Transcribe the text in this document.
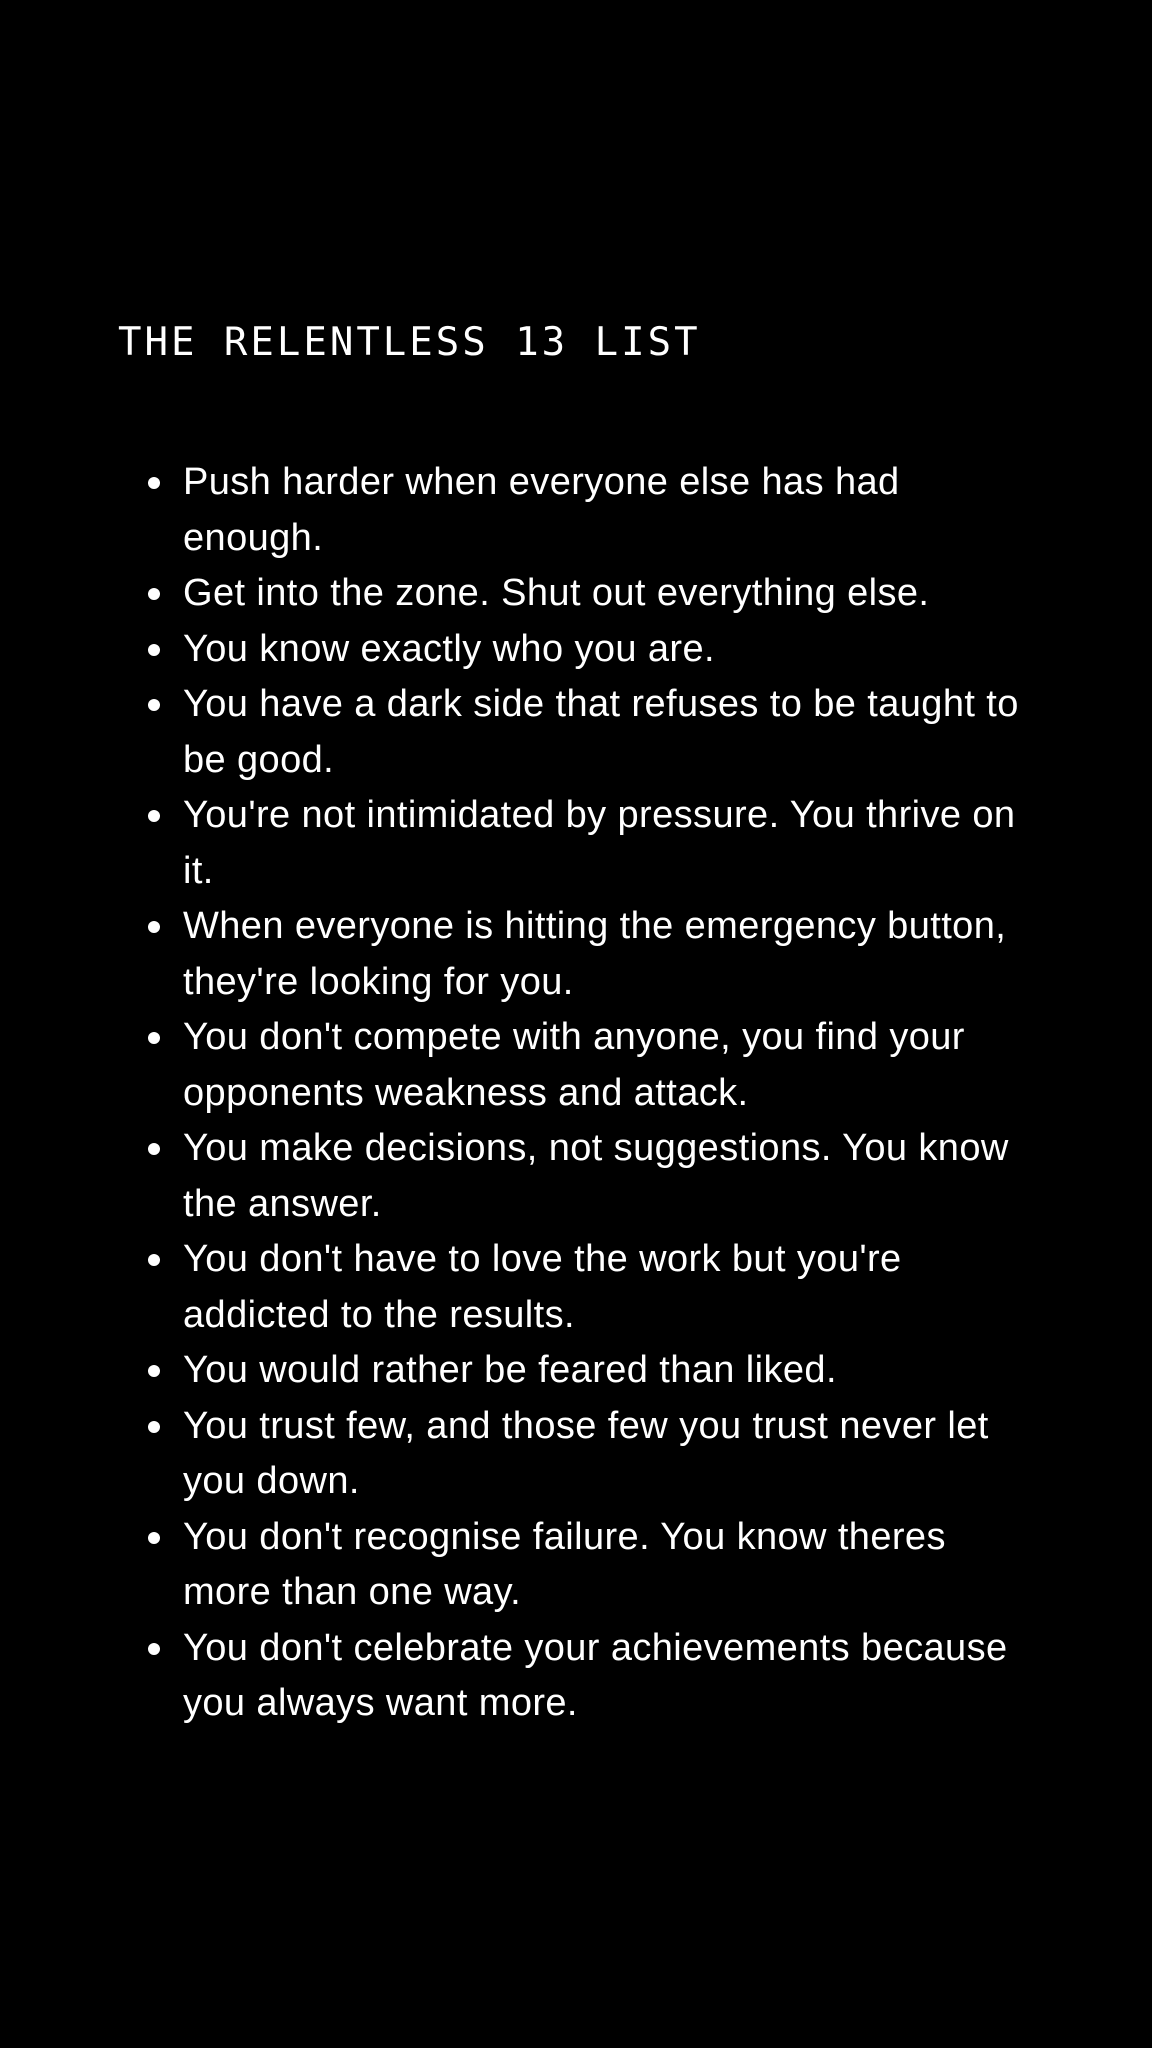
THE RELENTLESS 13 LIST
Push harder when everyone else has had enough.
Get into the zone. Shut out everything else.
You know exactly who you are.
You have a dark side that refuses to be taught to be good.
You're not intimidated by pressure. You thrive on it.
When everyone is hitting the emergency button, they're looking for you.
You don't compete with anyone, you find your opponents weakness and attack.
You make decisions, not suggestions. You know the answer.
You don't have to love the work but you're addicted to the results.
You would rather be feared than liked.
You trust few, and those few you trust never let you down.
You don't recognise failure. You know theres more than one way.
You don't celebrate your achievements because you always want more.
